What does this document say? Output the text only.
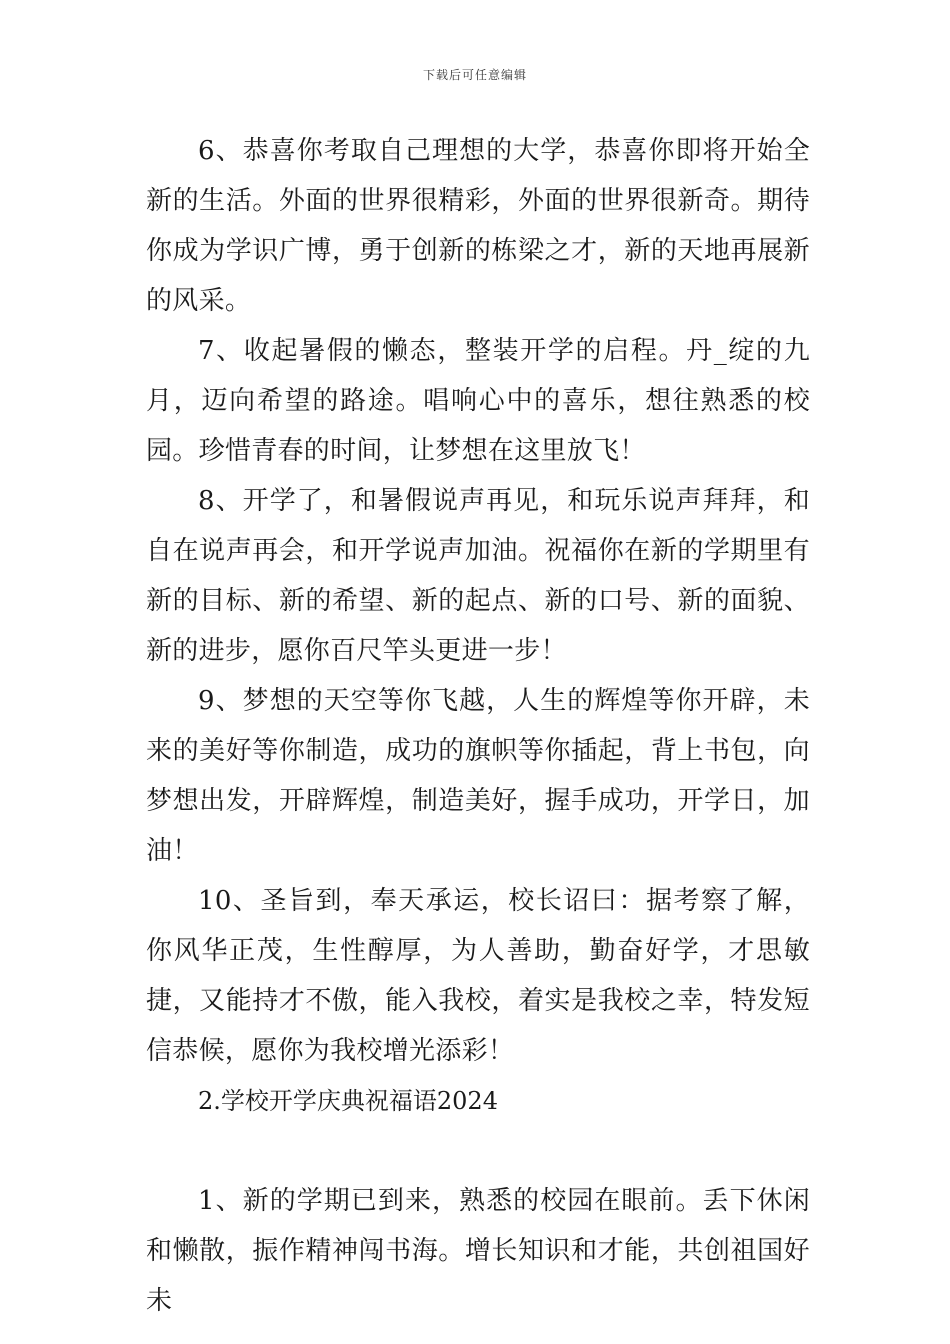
下载后可任意编辑

6、恭喜你考取自己理想的大学，恭喜你即将开始全新的生活。外面的世界很精彩，外面的世界很新奇。期待你成为学识广博，勇于创新的栋梁之才，新的天地再展新的风采。

7、收起暑假的懒态，整装开学的启程。丹_绽的九月，迈向希望的路途。唱响心中的喜乐，想往熟悉的校园。珍惜青春的时间，让梦想在这里放飞！

8、开学了，和暑假说声再见，和玩乐说声拜拜，和自在说声再会，和开学说声加油。祝福你在新的学期里有新的目标、新的希望、新的起点、新的口号、新的面貌、新的进步，愿你百尺竿头更进一步！

9、梦想的天空等你飞越，人生的辉煌等你开辟，未来的美好等你制造，成功的旗帜等你插起，背上书包，向梦想出发，开辟辉煌，制造美好，握手成功，开学日，加油！

10、圣旨到，奉天承运，校长诏曰：据考察了解，你风华正茂，生性醇厚，为人善助，勤奋好学，才思敏捷，又能持才不傲，能入我校，着实是我校之幸，特发短信恭候，愿你为我校增光添彩！

2.学校开学庆典祝福语2024

1、新的学期已到来，熟悉的校园在眼前。丢下休闲和懒散，振作精神闯书海。增长知识和才能，共创祖国好未
